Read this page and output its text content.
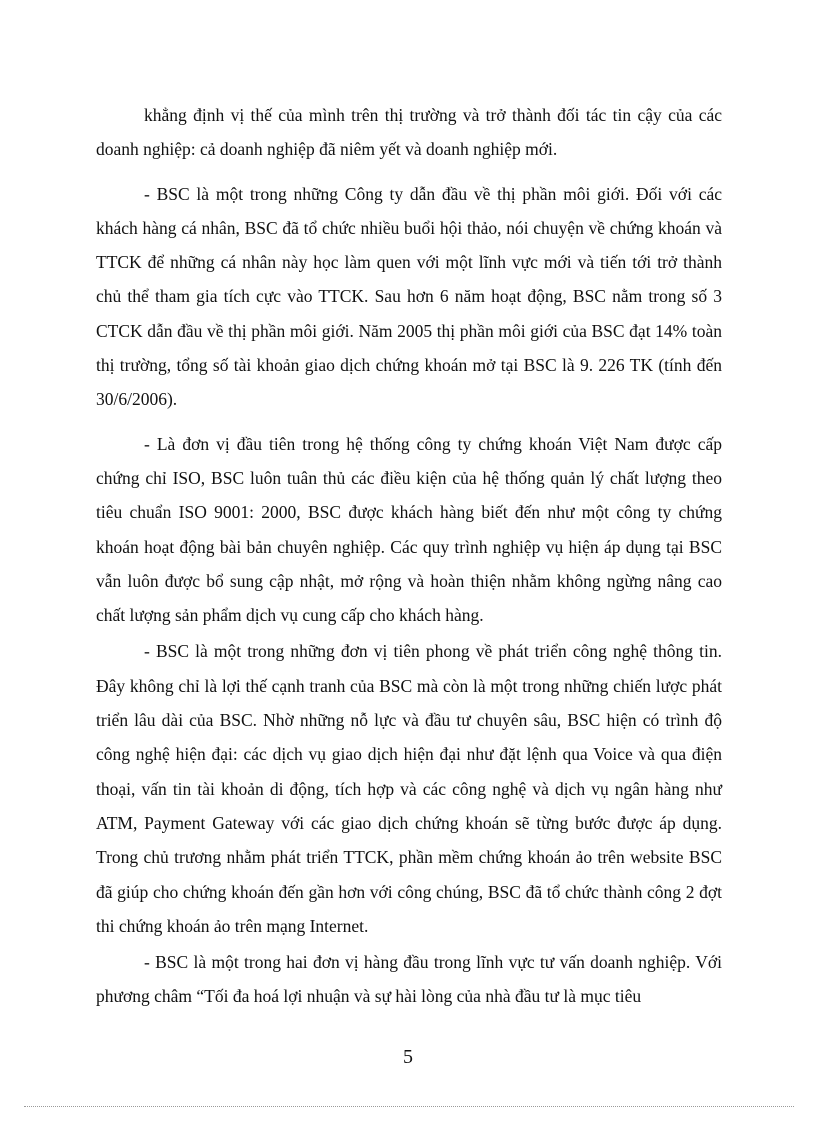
khẳng định vị thế của mình trên thị trường và trở thành đối tác tin cậy của các doanh nghiệp: cả doanh nghiệp đã niêm yết và doanh nghiệp mới.

- BSC là một trong những Công ty dẫn đầu về thị phần môi giới. Đối với các khách hàng cá nhân, BSC đã tổ chức nhiều buổi hội thảo, nói chuyện về chứng khoán và TTCK để những cá nhân này học làm quen với một lĩnh vực mới và tiến tới trở thành chủ thể tham gia tích cực vào TTCK. Sau hơn 6 năm hoạt động, BSC nằm trong số 3 CTCK dẫn đầu về thị phần môi giới. Năm 2005 thị phần môi giới của BSC đạt 14% toàn thị trường, tổng số tài khoản giao dịch chứng khoán mở tại BSC là 9. 226 TK (tính đến 30/6/2006).

- Là đơn vị đầu tiên trong hệ thống công ty chứng khoán Việt Nam được cấp chứng chỉ ISO, BSC luôn tuân thủ các điều kiện của hệ thống quản lý chất lượng theo tiêu chuẩn ISO 9001: 2000, BSC được khách hàng biết đến như một công ty chứng khoán hoạt động bài bản chuyên nghiệp. Các quy trình nghiệp vụ hiện áp dụng tại BSC vẫn luôn được bổ sung cập nhật, mở rộng và hoàn thiện nhằm không ngừng nâng cao chất lượng sản phẩm dịch vụ cung cấp cho khách hàng.

- BSC là một trong những đơn vị tiên phong về phát triển công nghệ thông tin. Đây không chỉ là lợi thế cạnh tranh của BSC mà còn là một trong những chiến lược phát triển lâu dài của BSC. Nhờ những nỗ lực và đầu tư chuyên sâu, BSC hiện có trình độ công nghệ hiện đại: các dịch vụ giao dịch hiện đại như đặt lệnh qua Voice và qua điện thoại, vấn tin tài khoản di động, tích hợp và các công nghệ và dịch vụ ngân hàng như ATM, Payment Gateway với các giao dịch chứng khoán sẽ từng bước được áp dụng. Trong chủ trương nhằm phát triển TTCK, phần mềm chứng khoán ảo trên website BSC đã giúp cho chứng khoán đến gần hơn với công chúng, BSC đã tổ chức thành công 2 đợt thi chứng khoán ảo trên mạng Internet.

- BSC là một trong hai đơn vị hàng đầu trong lĩnh vực tư vấn doanh nghiệp. Với phương châm “Tối đa hoá lợi nhuận và sự hài lòng của nhà đầu tư là mục tiêu

5
